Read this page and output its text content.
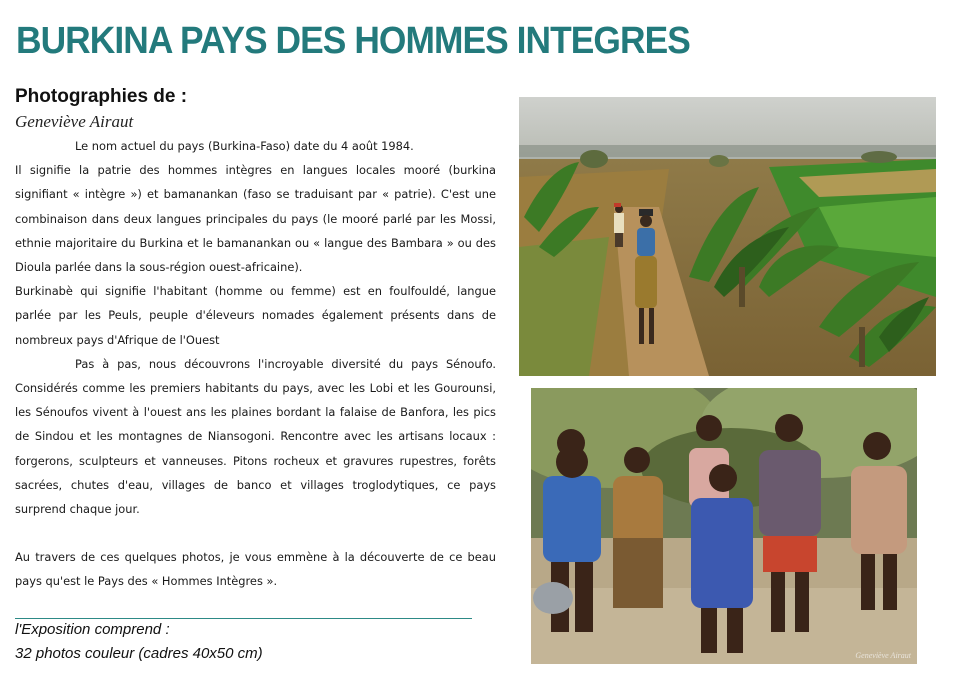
BURKINA PAYS DES HOMMES INTEGRES
Photographies de :
Geneviève Airaut

Le nom actuel du pays (Burkina-Faso) date du 4 août 1984.

Il signifie la patrie des hommes intègres en langues locales mooré (burkina signifiant « intègre ») et bamanankan (faso se traduisant par « patrie). C'est une combinaison dans deux langues principales du pays (le mooré parlé par les Mossi, ethnie majoritaire du Burkina et le bamanankan ou « langue des Bambara » ou des Dioula parlée dans la sous-région ouest-africaine).

Burkinabè qui signifie l'habitant (homme ou femme) est en foulfouldé, langue parlée par les Peuls, peuple d'éleveurs nomades également présents dans de nombreux pays d'Afrique de l'Ouest

Pas à pas, nous découvrons l'incroyable diversité du pays Sénoufo. Considérés comme les premiers habitants du pays, avec les Lobi et les Gourounsi, les Sénoufos vivent à l'ouest ans les plaines bordant la falaise de Banfora, les pics de Sindou et les montagnes de Niansogoni. Rencontre avec les artisans locaux : forgerons, sculpteurs et vanneuses. Pitons rocheux et gravures rupestres, forêts sacrées, chutes d'eau, villages de banco et villages troglodytiques, ce pays surprend chaque jour.

Au travers de ces quelques photos, je vous emmène à la découverte de ce beau pays qu'est le Pays des « Hommes Intègres ».

l'Exposition comprend :
32 photos couleur (cadres 40x50 cm)	Geneviève Airaut
